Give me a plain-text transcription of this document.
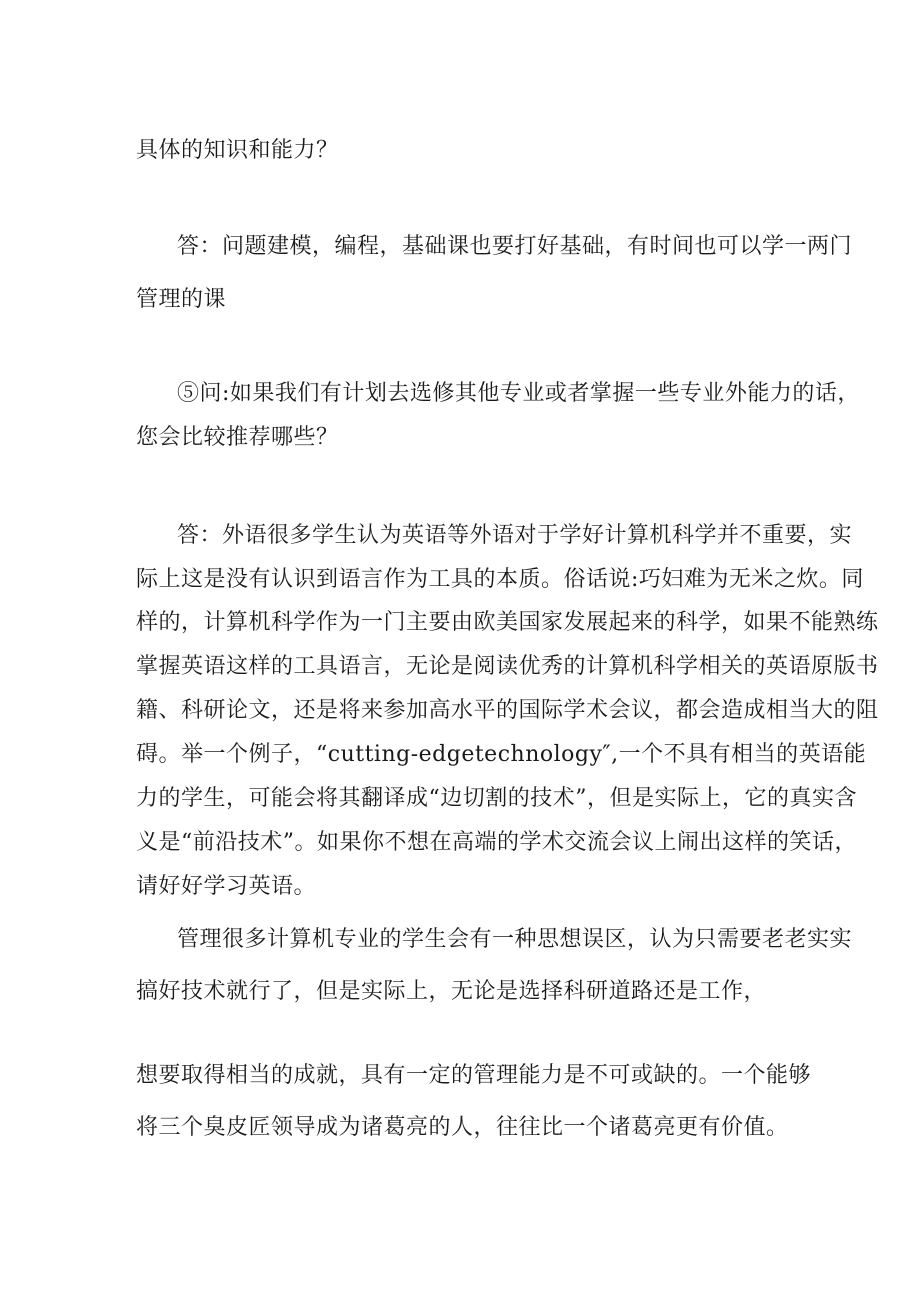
具体的知识和能力？
答：问题建模，编程，基础课也要打好基础，有时间也可以学一两门
管理的课
⑤问:如果我们有计划去选修其他专业或者掌握一些专业外能力的话，
您会比较推荐哪些？
答：外语很多学生认为英语等外语对于学好计算机科学并不重要，实
际上这是没有认识到语言作为工具的本质。俗话说:巧妇难为无米之炊。同
样的，计算机科学作为一门主要由欧美国家发展起来的科学，如果不能熟练
掌握英语这样的工具语言，无论是阅读优秀的计算机科学相关的英语原版书
籍、科研论文，还是将来参加高水平的国际学术会议，都会造成相当大的阻
碍。举一个例子，“cutting-edgetechnology″,一个不具有相当的英语能
力的学生，可能会将其翻译成“边切割的技术”，但是实际上，它的真实含
义是“前沿技术”。如果你不想在高端的学术交流会议上闹出这样的笑话，
请好好学习英语。
管理很多计算机专业的学生会有一种思想误区，认为只需要老老实实
搞好技术就行了，但是实际上，无论是选择科研道路还是工作，
想要取得相当的成就，具有一定的管理能力是不可或缺的。一个能够
将三个臭皮匠领导成为诸葛亮的人，往往比一个诸葛亮更有价值。
